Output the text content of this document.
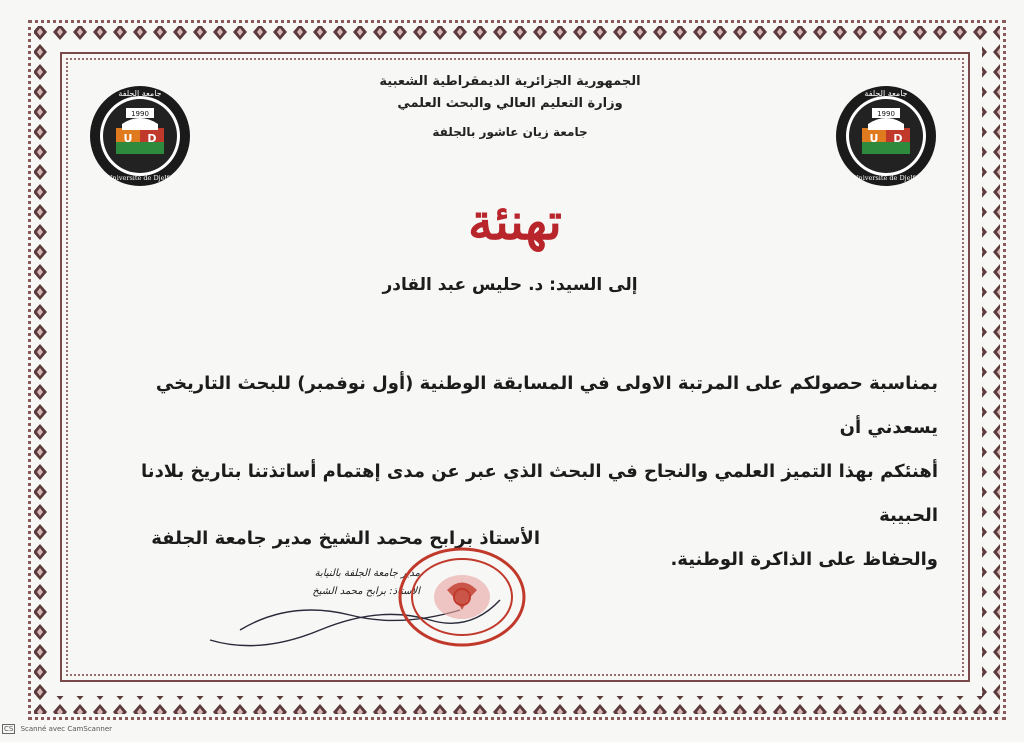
1990
U D
جامعة الجلفة
Université de Djelfa
1990
U D
جامعة الجلفة
Université de Djelfa
الجمهورية الجزائرية الديمقراطية الشعبية
وزارة التعليم العالي والبحث العلمي
جامعة زيان عاشور بالجلفة
تهنئة
إلى السيد: د. حليس عبد القادر
بمناسبة حصولكم على المرتبة الاولى في المسابقة الوطنية (أول نوفمبر) للبحث التاريخي يسعدني أن
أهنئكم بهذا التميز العلمي والنجاح في البحث الذي عبر عن مدى إهتمام أساتذتنا بتاريخ بلادنا الحبيبة
والحفاظ على الذاكرة الوطنية.
الأستاذ برابح محمد الشيخ مدير جامعة الجلفة
مدير جامعة الجلفة بالنيابة
الأستاذ: برابح محمد الشيخ
CS Scanné avec CamScanner
